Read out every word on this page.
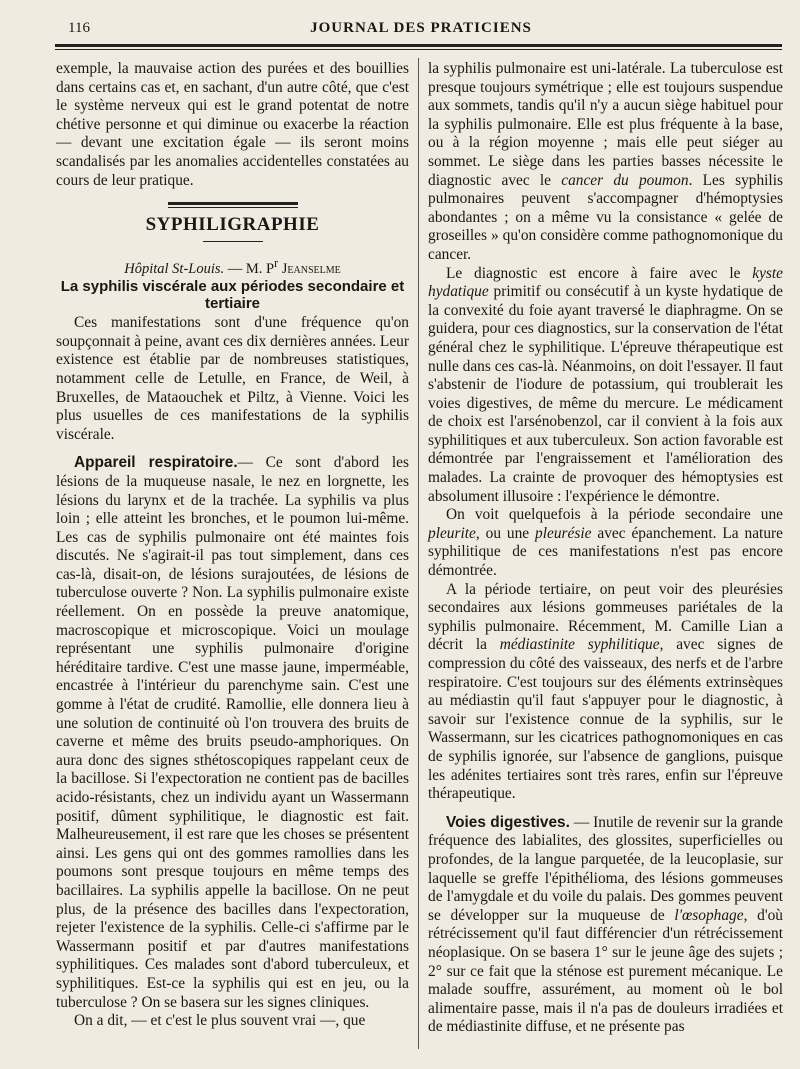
116	JOURNAL DES PRATICIENS

exemple, la mauvaise action des purées et des bouillies dans certains cas et, en sachant, d'un autre côté, que c'est le système nerveux qui est le grand potentat de notre chétive personne et qui diminue ou exacerbe la réaction — devant une excitation égale — ils seront moins scandalisés par les anomalies accidentelles constatées au cours de leur pratique.

SYPHILIGRAPHIE
Hôpital St-Louis. — M. $P^r$ Jeanselme
La syphilis viscérale aux périodes secondaire et tertiaire

Ces manifestations sont d'une fréquence qu'on soupçonnait à peine, avant ces dix dernières années. Leur existence est établie par de nombreuses statistiques, notamment celle de Letulle, en France, de Weil, à Bruxelles, de Mataouchek et Piltz, à Vienne. Voici les plus usuelles de ces manifestations de la syphilis viscérale.

Appareil respiratoire.— Ce sont d'abord les lésions de la muqueuse nasale, le nez en lorgnette, les lésions du larynx et de la trachée. La syphilis va plus loin ; elle atteint les bronches, et le poumon lui-même. Les cas de syphilis pulmonaire ont été maintes fois discutés. Ne s'agirait-il pas tout simplement, dans ces cas-là, disait-on, de lésions surajoutées, de lésions de tuberculose ouverte ? Non. La syphilis pulmonaire existe réellement. On en possède la preuve anatomique, macroscopique et microscopique. Voici un moulage représentant une syphilis pulmonaire d'origine héréditaire tardive. C'est une masse jaune, imperméable, encastrée à l'intérieur du parenchyme sain. C'est une gomme à l'état de crudité. Ramollie, elle donnera lieu à une solution de continuité où l'on trouvera des bruits de caverne et même des bruits pseudo-amphoriques. On aura donc des signes sthétoscopiques rappelant ceux de la bacillose. Si l'expectoration ne contient pas de bacilles acido-résistants, chez un individu ayant un Wassermann positif, dûment syphilitique, le diagnostic est fait. Malheureusement, il est rare que les choses se présentent ainsi. Les gens qui ont des gommes ramollies dans les poumons sont presque toujours en même temps des bacillaires. La syphilis appelle la bacillose. On ne peut plus, de la présence des bacilles dans l'expectoration, rejeter l'existence de la syphilis. Celle-ci s'affirme par le Wassermann positif et par d'autres manifestations syphilitiques. Ces malades sont d'abord tuberculeux, et syphilitiques. Est-ce la syphilis qui est en jeu, ou la tuberculose ? On se basera sur les signes cliniques.

On a dit, — et c'est le plus souvent vrai —, que

la syphilis pulmonaire est uni-latérale. La tuberculose est presque toujours symétrique ; elle est toujours suspendue aux sommets, tandis qu'il n'y a aucun siège habituel pour la syphilis pulmonaire. Elle est plus fréquente à la base, ou à la région moyenne ; mais elle peut siéger au sommet. Le siège dans les parties basses nécessite le diagnostic avec le cancer du poumon. Les syphilis pulmonaires peuvent s'accompagner d'hémoptysies abondantes ; on a même vu la consistance « gelée de groseilles » qu'on considère comme pathognomonique du cancer.

Le diagnostic est encore à faire avec le kyste hydatique primitif ou consécutif à un kyste hydatique de la convexité du foie ayant traversé le diaphragme. On se guidera, pour ces diagnostics, sur la conservation de l'état général chez le syphilitique. L'épreuve thérapeutique est nulle dans ces cas-là. Néanmoins, on doit l'essayer. Il faut s'abstenir de l'iodure de potassium, qui troublerait les voies digestives, de même du mercure. Le médicament de choix est l'arsénobenzol, car il convient à la fois aux syphilitiques et aux tuberculeux. Son action favorable est démontrée par l'engraissement et l'amélioration des malades. La crainte de provoquer des hémoptysies est absolument illusoire : l'expérience le démontre.

On voit quelquefois à la période secondaire une pleurite, ou une pleurésie avec épanchement. La nature syphilitique de ces manifestations n'est pas encore démontrée.

A la période tertiaire, on peut voir des pleurésies secondaires aux lésions gommeuses pariétales de la syphilis pulmonaire. Récemment, M. Camille Lian a décrit la médiastinite syphilitique, avec signes de compression du côté des vaisseaux, des nerfs et de l'arbre respiratoire. C'est toujours sur des éléments extrinsèques au médiastin qu'il faut s'appuyer pour le diagnostic, à savoir sur l'existence connue de la syphilis, sur le Wassermann, sur les cicatrices pathognomoniques en cas de syphilis ignorée, sur l'absence de ganglions, puisque les adénites tertiaires sont très rares, enfin sur l'épreuve thérapeutique.

Voies digestives. — Inutile de revenir sur la grande fréquence des labialites, des glossites, superficielles ou profondes, de la langue parquetée, de la leucoplasie, sur laquelle se greffe l'épithélioma, des lésions gommeuses de l'amygdale et du voile du palais. Des gommes peuvent se développer sur la muqueuse de l'œsophage, d'où rétrécissement qu'il faut différencier d'un rétrécissement néoplasique. On se basera 1° sur le jeune âge des sujets ; 2° sur ce fait que la sténose est purement mécanique. Le malade souffre, assurément, au moment où le bol alimentaire passe, mais il n'a pas de douleurs irradiées et de médiastinite diffuse, et ne présente pas
